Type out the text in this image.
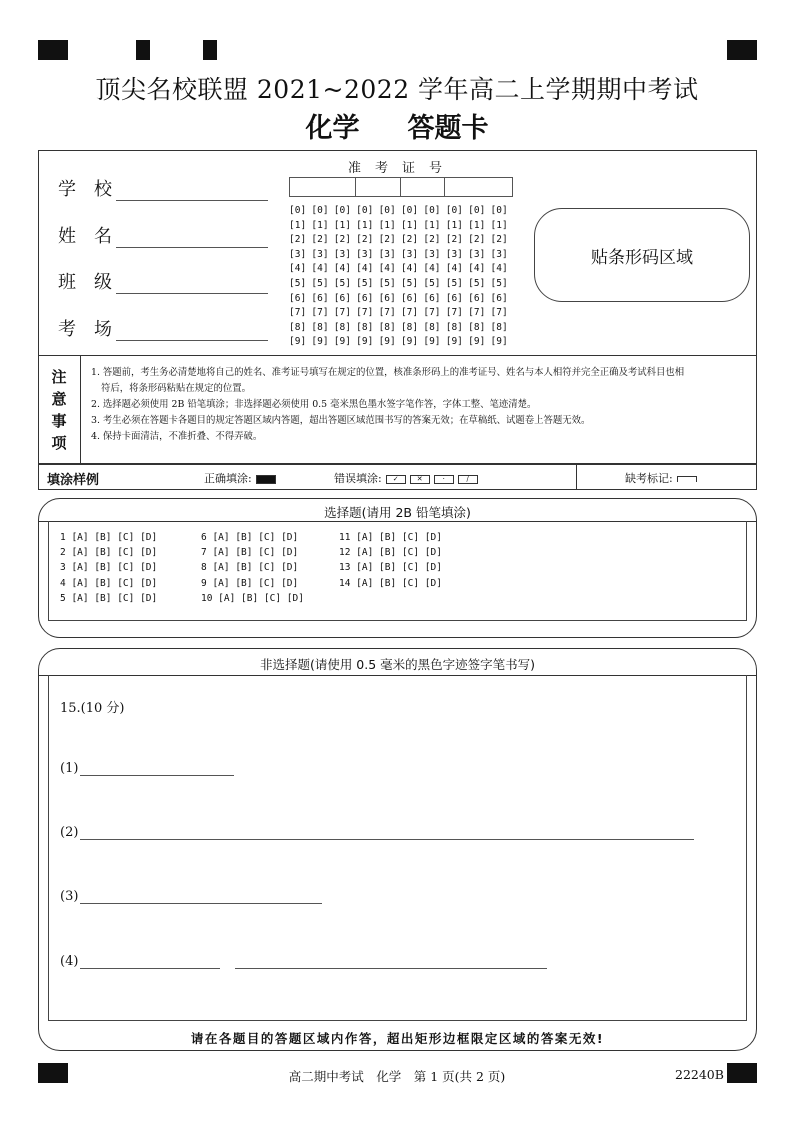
顶尖名校联盟 2021~2022 学年高二上学期期中考试
化学 答题卡
学校
姓名
班级
考场
准考证号
[0] [0] [0] [0] [0] [0] [0] [0] [0] [0]
[1] [1] [1] [1] [1] [1] [1] [1] [1] [1]
[2] [2] [2] [2] [2] [2] [2] [2] [2] [2]
[3] [3] [3] [3] [3] [3] [3] [3] [3] [3]
[4] [4] [4] [4] [4] [4] [4] [4] [4] [4]
[5] [5] [5] [5] [5] [5] [5] [5] [5] [5]
[6] [6] [6] [6] [6] [6] [6] [6] [6] [6]
[7] [7] [7] [7] [7] [7] [7] [7] [7] [7]
[8] [8] [8] [8] [8] [8] [8] [8] [8] [8]
[9] [9] [9] [9] [9] [9] [9] [9] [9] [9]
贴条形码区域
注
意
事
项

1. 答题前，考生务必清楚地将自己的姓名、准考证号填写在规定的位置，核准条形码上的准考证号、姓名与本人相符并完全正确及考试科目也相

符后，将条形码粘贴在规定的位置。

2. 选择题必须使用 2B 铅笔填涂；非选择题必须使用 0.5 毫米黑色墨水签字笔作答，字体工整、笔迹清楚。

3. 考生必须在答题卡各题目的规定答题区域内答题，超出答题区域范围书写的答案无效；在草稿纸、试题卷上答题无效。

4. 保持卡面清洁，不准折叠、不得弄破。

填涂样例	正确填涂:	错误填涂: ✓	✕	·	/	缺考标记:
选择题(请用 2B 铅笔填涂)
1 [A] [B] [C] [D]
2 [A] [B] [C] [D]
3 [A] [B] [C] [D]
4 [A] [B] [C] [D]
5 [A] [B] [C] [D]
6 [A] [B] [C] [D]
7 [A] [B] [C] [D]
8 [A] [B] [C] [D]
9 [A] [B] [C] [D]
10 [A] [B] [C] [D]
11 [A] [B] [C] [D]
12 [A] [B] [C] [D]
13 [A] [B] [C] [D]
14 [A] [B] [C] [D]
非选择题(请使用 0.5 毫米的黑色字迹签字笔书写)
15.(10 分)
(1)
(2)
(3)
(4)
请在各题目的答题区域内作答，超出矩形边框限定区域的答案无效!
高二期中考试　化学　第 1 页(共 2 页)	22240B
